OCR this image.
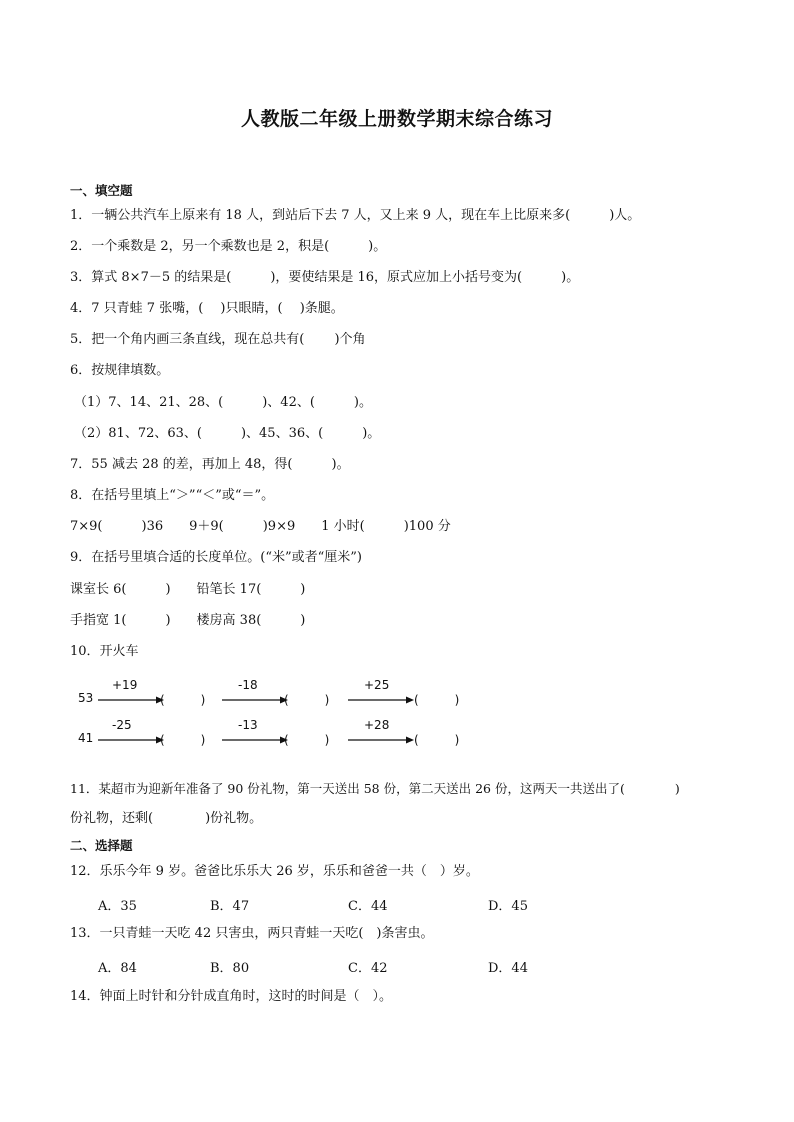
人教版二年级上册数学期末综合练习
一、填空题
1．一辆公共汽车上原来有 18 人，到站后下去 7 人，又上来 9 人，现在车上比原来多(　　　)人。
2．一个乘数是 2，另一个乘数也是 2，积是(　　　)。
3．算式 8×7－5 的结果是(　　　)，要使结果是 16，原式应加上小括号变为(　　　)。
4．7 只青蛙 7 张嘴，(　 )只眼睛，(　 )条腿。
5．把一个角内画三条直线，现在总共有(　　 )个角
6．按规律填数。
（1）7、14、21、28、(　　　)、42、(　　　)。
（2）81、72、63、(　　　)、45、36、(　　　)。
7．55 减去 28 的差，再加上 48，得(　　　)。
8．在括号里填上“＞”“＜”或“＝”。
7×9(　　　)36　　9＋9(　　　)9×9　　1 小时(　　　)100 分
9．在括号里填合适的长度单位。(“米”或者“厘米”)
课室长 6(　　　)　　铅笔长 17(　　　)
手指宽 1(　　　)　　楼房高 38(　　　)
10．开火车
53
+19	-18	+25
(　　　)	(　　　)	(　　　)
41
-25	-13	+28
(　　　)	(　　　)	(　　　)
11．某超市为迎新年准备了 90 份礼物，第一天送出 58 份，第二天送出 26 份，这两天一共送出了(　　　　)
份礼物，还剩(　　　　)份礼物。
二、选择题
12．乐乐今年 9 岁。爸爸比乐乐大 26 岁，乐乐和爸爸一共（　）岁。
A．35	B．47	C．44	D．45
13．一只青蛙一天吃 42 只害虫，两只青蛙一天吃(　)条害虫。
A．84	B．80	C．42	D．44
14．钟面上时针和分针成直角时，这时的时间是（　）。
